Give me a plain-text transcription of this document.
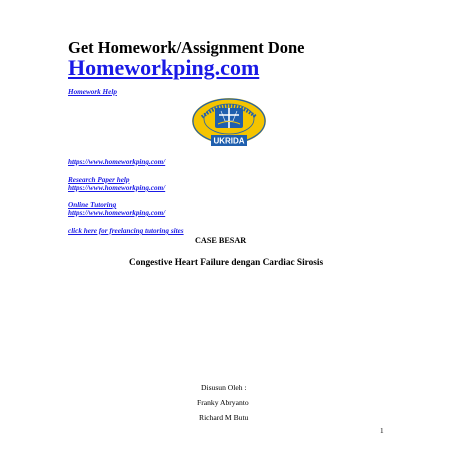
Get Homework/Assignment Done
Homeworkping.com
Homework Help
UKRIDA
https://www.homeworkping.com/
Research Paper help
https://www.homeworkping.com/
Online Tutoring
https://www.homeworkping.com/
click here for freelancing tutoring sites
CASE BESAR
Congestive Heart Failure dengan Cardiac Sirosis
Disusun Oleh :
Franky Abryanto
Richard M Butu
1
